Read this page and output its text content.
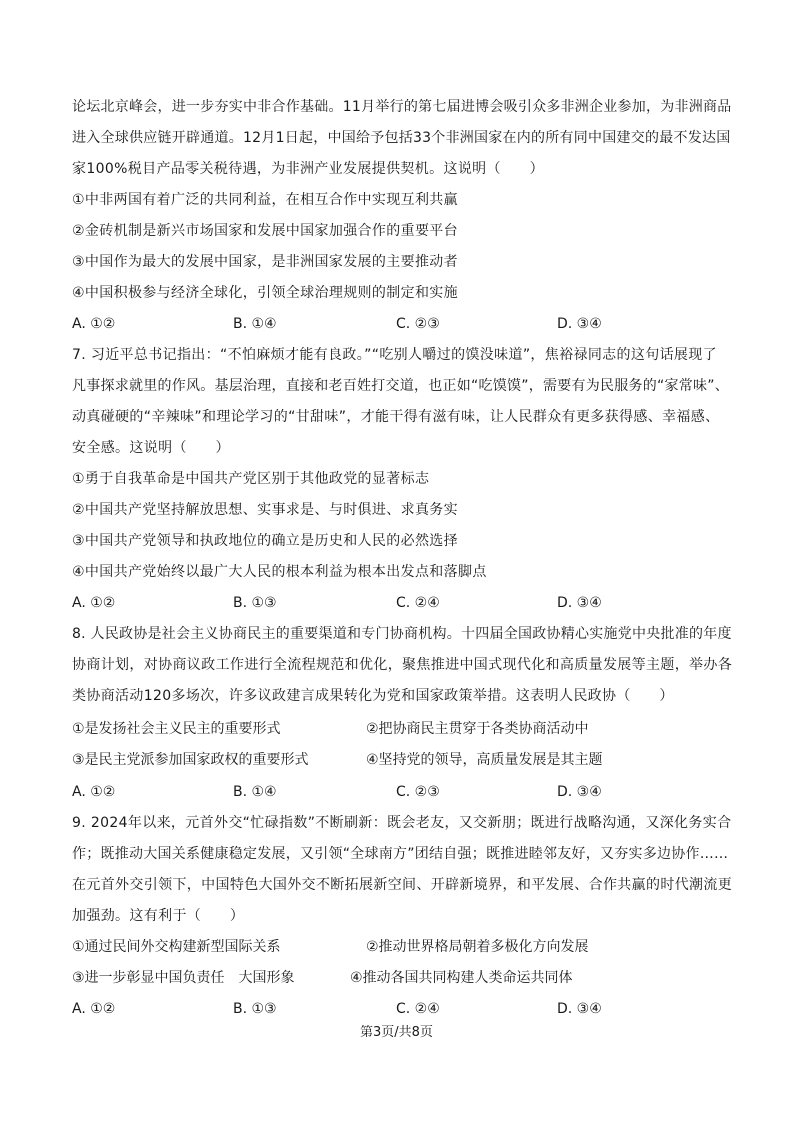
论坛北京峰会，进一步夯实中非合作基础。11月举行的第七届进博会吸引众多非洲企业参加，为非洲商品
进入全球供应链开辟通道。12月1日起，中国给予包括33个非洲国家在内的所有同中国建交的最不发达国
家100%税目产品零关税待遇，为非洲产业发展提供契机。这说明（　　）
①中非两国有着广泛的共同利益，在相互合作中实现互利共赢
②金砖机制是新兴市场国家和发展中国家加强合作的重要平台
③中国作为最大的发展中国家，是非洲国家发展的主要推动者
④中国积极参与经济全球化，引领全球治理规则的制定和实施
A. ①②	B. ①④	C. ②③	D. ③④
7. 习近平总书记指出：“不怕麻烦才能有良政。”“吃别人嚼过的馍没味道”，焦裕禄同志的这句话展现了
凡事探求就里的作风。基层治理，直接和老百姓打交道，也正如“吃馍馍”，需要有为民服务的“家常味”、
动真碰硬的“辛辣味”和理论学习的“甘甜味”，才能干得有滋有味，让人民群众有更多获得感、幸福感、
安全感。这说明（　　）
①勇于自我革命是中国共产党区别于其他政党的显著标志
②中国共产党坚持解放思想、实事求是、与时俱进、求真务实
③中国共产党领导和执政地位的确立是历史和人民的必然选择
④中国共产党始终以最广大人民的根本利益为根本出发点和落脚点
A. ①②	B. ①③	C. ②④	D. ③④
8. 人民政协是社会主义协商民主的重要渠道和专门协商机构。十四届全国政协精心实施党中央批准的年度
协商计划，对协商议政工作进行全流程规范和优化，聚焦推进中国式现代化和高质量发展等主题，举办各
类协商活动120多场次，许多议政建言成果转化为党和国家政策举措。这表明人民政协（　　）
①是发扬社会主义民主的重要形式	②把协商民主贯穿于各类协商活动中
③是民主党派参加国家政权的重要形式	④坚持党的领导，高质量发展是其主题
A. ①②	B. ①④	C. ②③	D. ③④
9. 2024年以来，元首外交“忙碌指数”不断刷新：既会老友，又交新朋；既进行战略沟通，又深化务实合
作；既推动大国关系健康稳定发展，又引领“全球南方”团结自强；既推进睦邻友好，又夯实多边协作……
在元首外交引领下，中国特色大国外交不断拓展新空间、开辟新境界，和平发展、合作共赢的时代潮流更
加强劲。这有利于（　　）
①通过民间外交构建新型国际关系	②推动世界格局朝着多极化方向发展
③进一步彰显中国负责任　大国形象	④推动各国共同构建人类命运共同体
A. ①②	B. ①③	C. ②④	D. ③④
第3页/共8页
